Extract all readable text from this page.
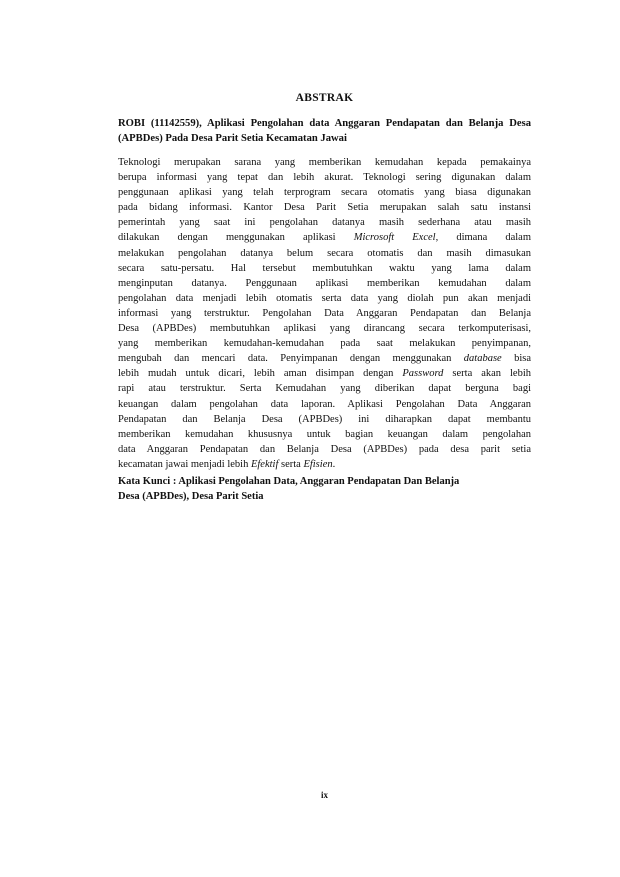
ABSTRAK
ROBI (11142559), Aplikasi Pengolahan data Anggaran Pendapatan dan Belanja Desa (APBDes) Pada Desa Parit Setia Kecamatan Jawai
Teknologi merupakan sarana yang memberikan kemudahan kepada pemakainya
berupa informasi yang tepat dan lebih akurat. Teknologi sering digunakan dalam
penggunaan aplikasi yang telah terprogram secara otomatis yang biasa digunakan
pada bidang informasi. Kantor Desa Parit Setia merupakan salah satu instansi
pemerintah yang saat ini pengolahan datanya masih sederhana atau masih
dilakukan dengan menggunakan aplikasi Microsoft Excel, dimana dalam
melakukan pengolahan datanya belum secara otomatis dan masih dimasukan
secara satu-persatu. Hal tersebut membutuhkan waktu yang lama dalam
menginputan datanya. Penggunaan aplikasi memberikan kemudahan dalam
pengolahan data menjadi lebih otomatis serta data yang diolah pun akan menjadi
informasi yang terstruktur. Pengolahan Data Anggaran Pendapatan dan Belanja
Desa (APBDes) membutuhkan aplikasi yang dirancang secara terkomputerisasi,
yang memberikan kemudahan-kemudahan pada saat melakukan penyimpanan,
mengubah dan mencari data. Penyimpanan dengan menggunakan database bisa
lebih mudah untuk dicari, lebih aman disimpan dengan Password serta akan lebih
rapi atau terstruktur. Serta Kemudahan yang diberikan dapat berguna bagi
keuangan dalam pengolahan data laporan. Aplikasi Pengolahan Data Anggaran
Pendapatan dan Belanja Desa (APBDes) ini diharapkan dapat membantu
memberikan kemudahan khususnya untuk bagian keuangan dalam pengolahan
data Anggaran Pendapatan dan Belanja Desa (APBDes) pada desa parit setia
kecamatan jawai menjadi lebih Efektif serta Efisien.
Kata Kunci : Aplikasi Pengolahan Data, Anggaran Pendapatan Dan Belanja
Desa (APBDes), Desa Parit Setia
ix
